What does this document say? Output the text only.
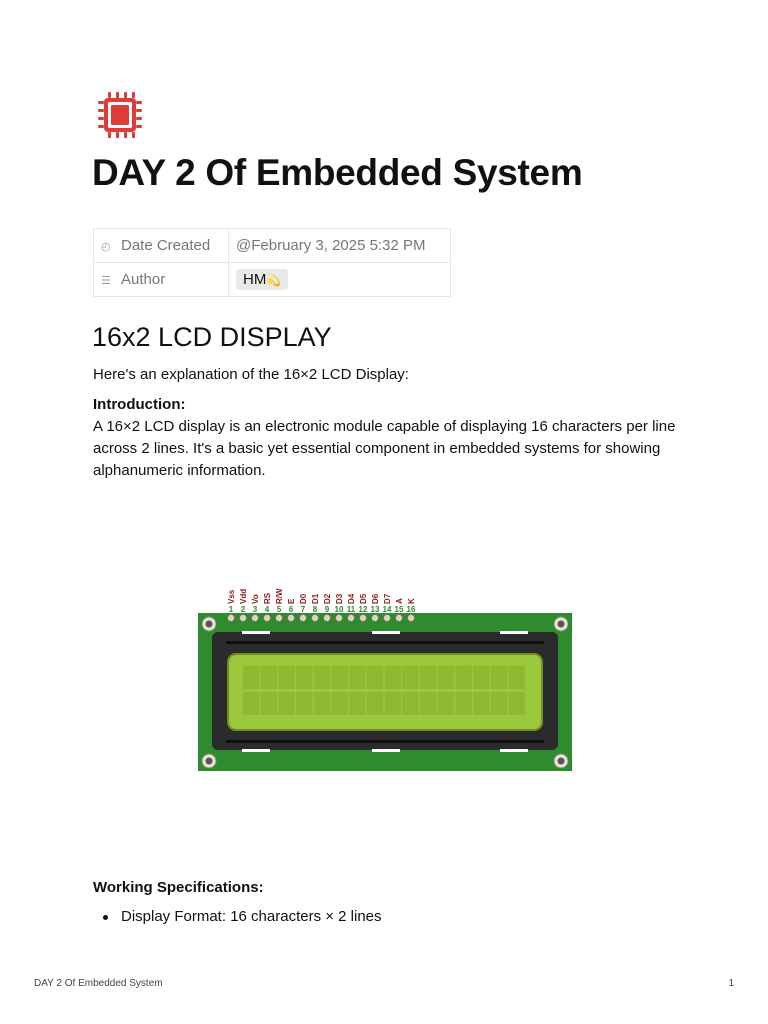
DAY 2 Of Embedded System
◴ Date Created	@February 3, 2025 5:32 PM
☰ Author	HM💫
16x2 LCD DISPLAY

Here's an explanation of the 16×2 LCD Display:

Introduction:

A 16×2 LCD display is an electronic module capable of displaying 16 characters per line across 2 lines. It's a basic yet essential component in embedded systems for showing alphanumeric information.

1
Vss
2
Vdd
3
Vo
4
RS
5
R/W
6
E
7
D0
8
D1
9
D2
10
D3
11
D4
12
D5
13
D6
14
D7
15
A
16
K

Working Specifications:

Display Format: 16 characters × 2 lines
DAY 2 Of Embedded System	1
